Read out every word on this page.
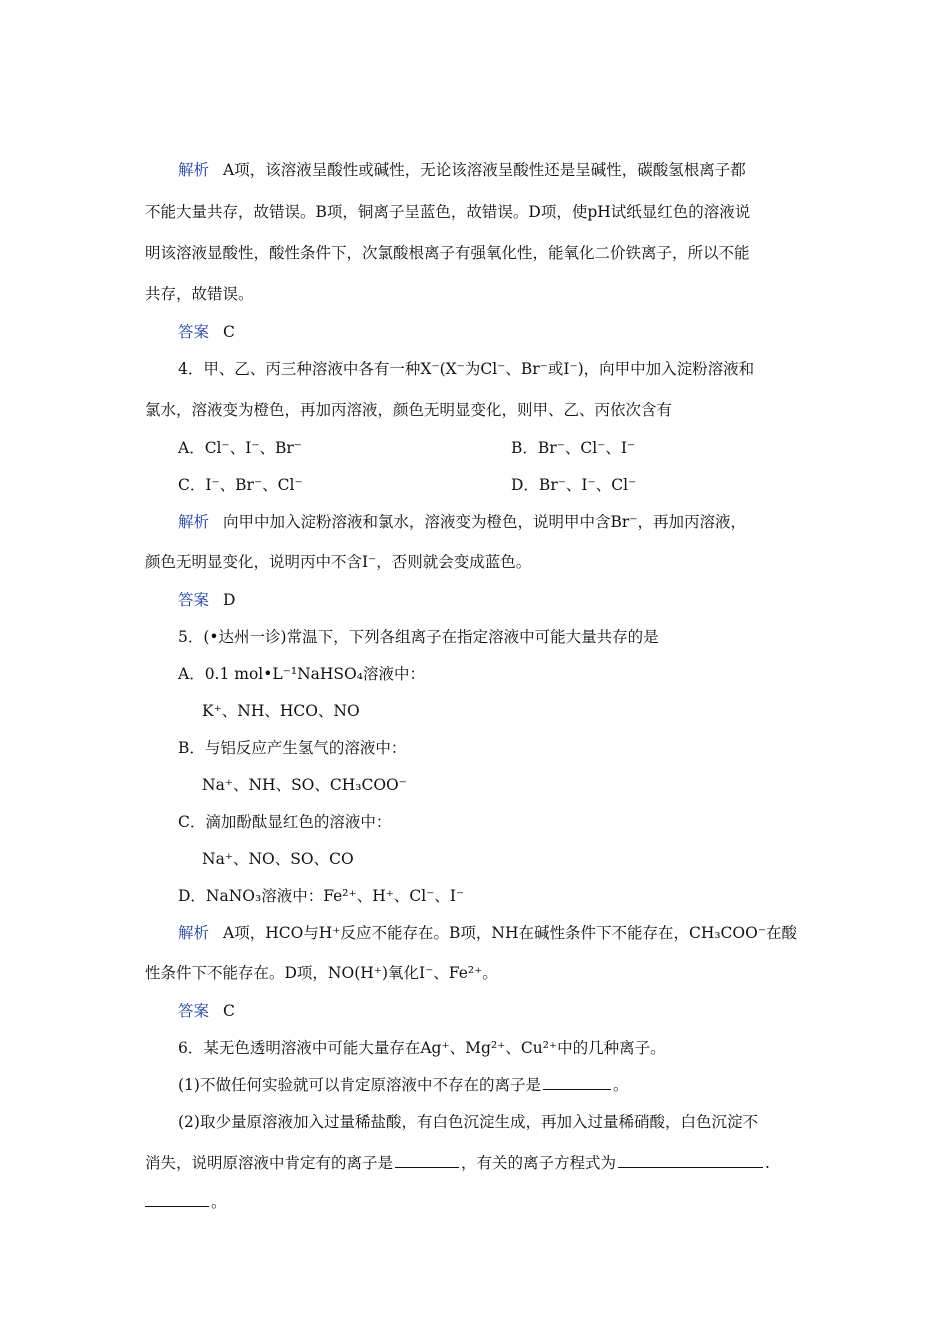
解析 A项，该溶液呈酸性或碱性，无论该溶液呈酸性还是呈碱性，碳酸氢根离子都
不能大量共存，故错误。B项，铜离子呈蓝色，故错误。D项，使pH试纸显红色的溶液说
明该溶液显酸性，酸性条件下，次氯酸根离子有强氧化性，能氧化二价铁离子，所以不能
共存，故错误。
答案 C
4．甲、乙、丙三种溶液中各有一种X⁻(X⁻为Cl⁻、Br⁻或I⁻)，向甲中加入淀粉溶液和
氯水，溶液变为橙色，再加丙溶液，颜色无明显变化，则甲、乙、丙依次含有
A．Cl⁻、I⁻、Br⁻	B．Br⁻、Cl⁻、I⁻
C．I⁻、Br⁻、Cl⁻	D．Br⁻、I⁻、Cl⁻
解析 向甲中加入淀粉溶液和氯水，溶液变为橙色，说明甲中含Br⁻，再加丙溶液，
颜色无明显变化，说明丙中不含I⁻，否则就会变成蓝色。
答案 D
5．(•达州一诊)常温下，下列各组离子在指定溶液中可能大量共存的是
A．0.1 mol•L⁻¹NaHSO₄溶液中：
K⁺、NH、HCO、NO
B．与铝反应产生氢气的溶液中：
Na⁺、NH、SO、CH₃COO⁻
C．滴加酚酞显红色的溶液中：
Na⁺、NO、SO、CO
D．NaNO₃溶液中：Fe²⁺、H⁺、Cl⁻、I⁻
解析 A项，HCO与H⁺反应不能存在。B项，NH在碱性条件下不能存在，CH₃COO⁻在酸
性条件下不能存在。D项，NO(H⁺)氧化I⁻、Fe²⁺。
答案 C
6．某无色透明溶液中可能大量存在Ag⁺、Mg²⁺、Cu²⁺中的几种离子。
(1)不做任何实验就可以肯定原溶液中不存在的离子是	。
(2)取少量原溶液加入过量稀盐酸，有白色沉淀生成，再加入过量稀硝酸，白色沉淀不
消失，说明原溶液中肯定有的离子是	，有关的离子方程式为	.
。
